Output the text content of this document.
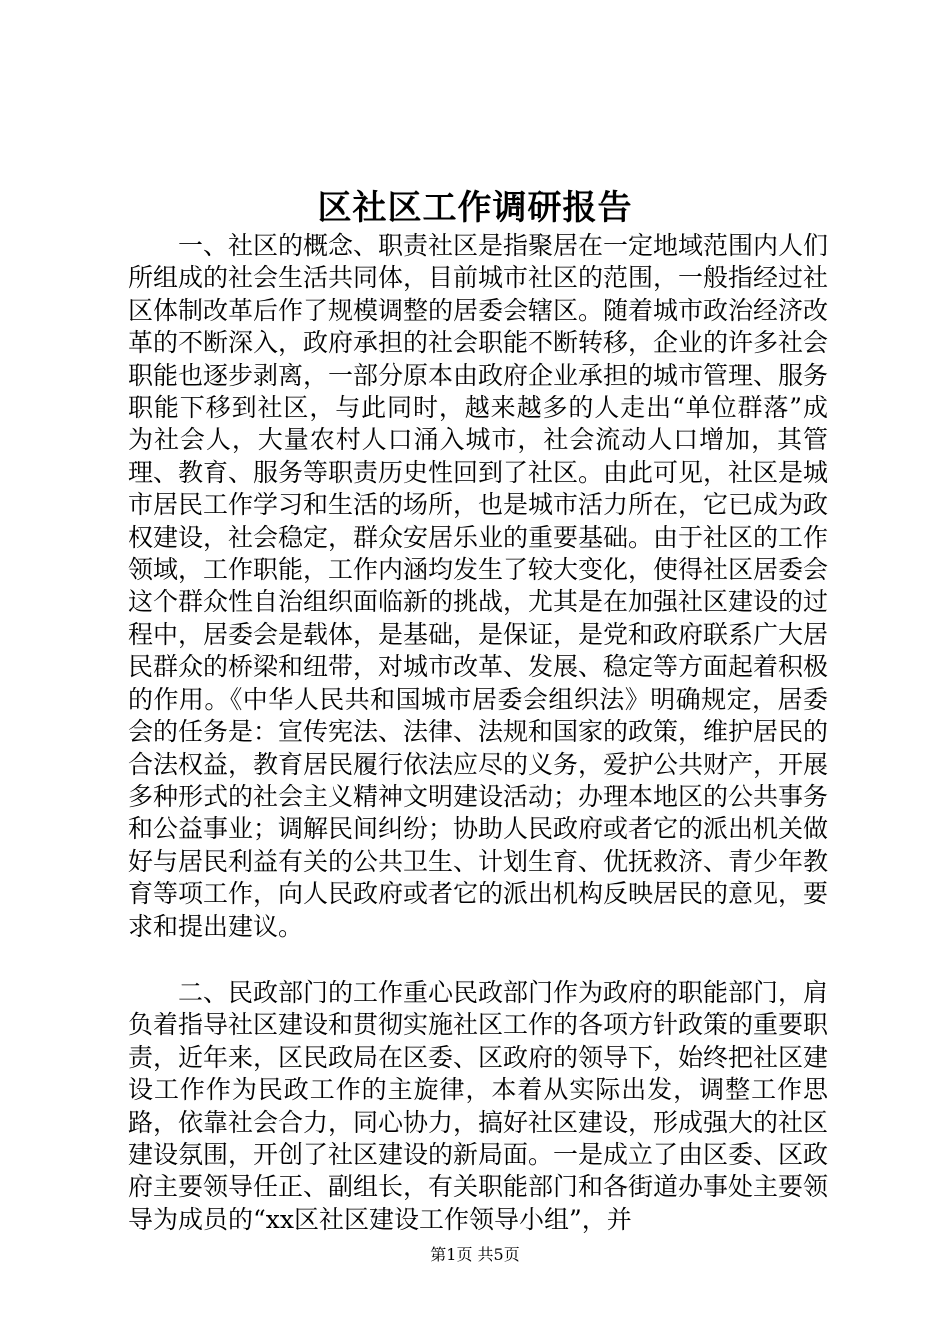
区社区工作调研报告

一、社区的概念、职责社区是指聚居在一定地域范围内人们所组成的社会生活共同体，目前城市社区的范围，一般指经过社区体制改革后作了规模调整的居委会辖区。随着城市政治经济改革的不断深入，政府承担的社会职能不断转移，企业的许多社会职能也逐步剥离，一部分原本由政府企业承担的城市管理、服务职能下移到社区，与此同时，越来越多的人走出“单位群落”成为社会人，大量农村人口涌入城市，社会流动人口增加，其管理、教育、服务等职责历史性回到了社区。由此可见，社区是城市居民工作学习和生活的场所，也是城市活力所在，它已成为政权建设，社会稳定，群众安居乐业的重要基础。由于社区的工作领域，工作职能，工作内涵均发生了较大变化，使得社区居委会这个群众性自治组织面临新的挑战，尤其是在加强社区建设的过程中，居委会是载体，是基础，是保证，是党和政府联系广大居民群众的桥梁和纽带，对城市改革、发展、稳定等方面起着积极的作用。《中华人民共和国城市居委会组织法》明确规定，居委会的任务是：宣传宪法、法律、法规和国家的政策，维护居民的合法权益，教育居民履行依法应尽的义务，爱护公共财产，开展多种形式的社会主义精神文明建设活动；办理本地区的公共事务和公益事业；调解民间纠纷；协助人民政府或者它的派出机关做好与居民利益有关的公共卫生、计划生育、优抚救济、青少年教育等项工作，向人民政府或者它的派出机构反映居民的意见，要求和提出建议。

二、民政部门的工作重心民政部门作为政府的职能部门，肩负着指导社区建设和贯彻实施社区工作的各项方针政策的重要职责，近年来，区民政局在区委、区政府的领导下，始终把社区建设工作作为民政工作的主旋律，本着从实际出发，调整工作思路，依靠社会合力，同心协力，搞好社区建设，形成强大的社区建设氛围，开创了社区建设的新局面。一是成立了由区委、区政府主要领导任正、副组长，有关职能部门和各街道办事处主要领导为成员的“xx区社区建设工作领导小组”，并

第1页 共5页
